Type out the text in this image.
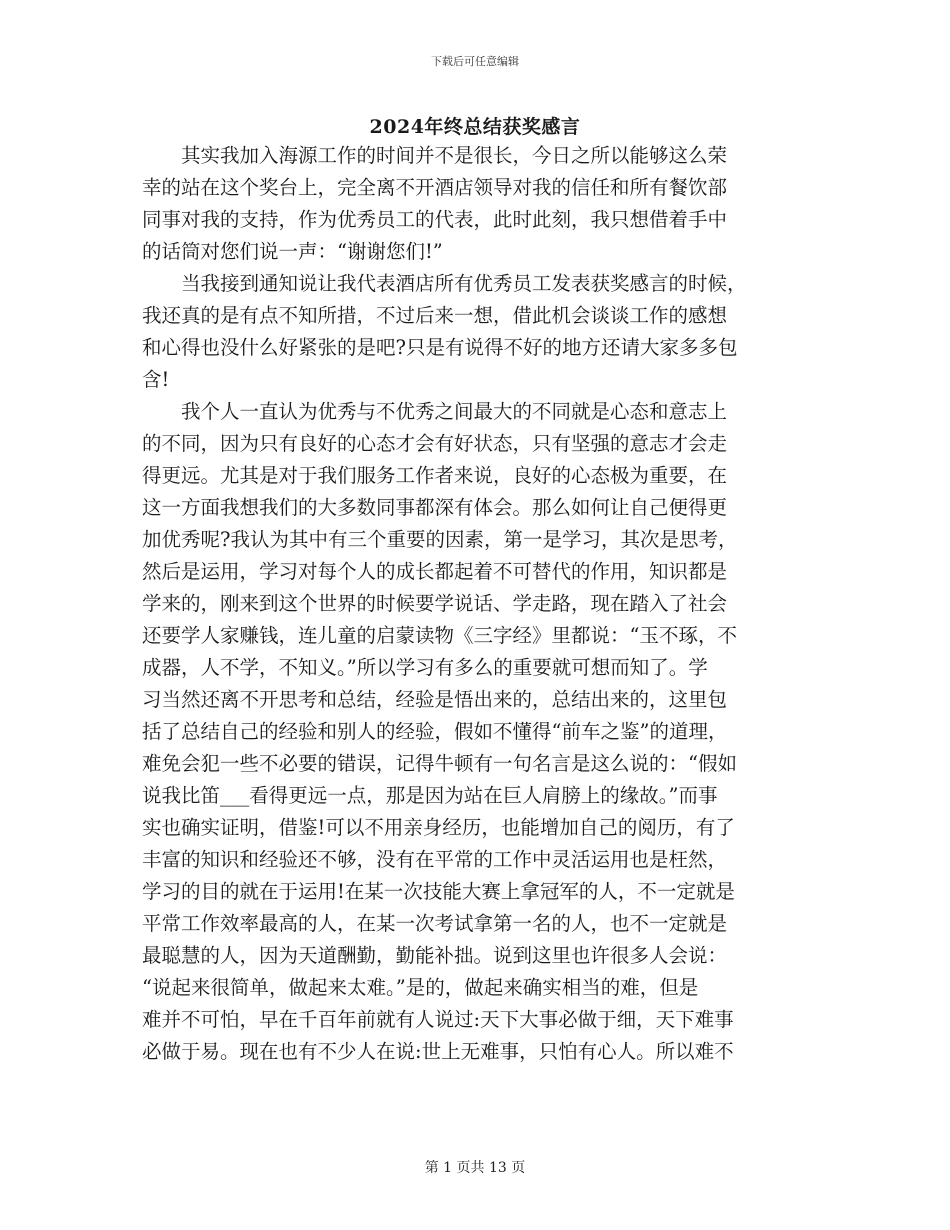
下载后可任意编辑
2024年终总结获奖感言
　　其实我加入海源工作的时间并不是很长，今日之所以能够这么荣
幸的站在这个奖台上，完全离不开酒店领导对我的信任和所有餐饮部
同事对我的支持，作为优秀员工的代表，此时此刻，我只想借着手中
的话筒对您们说一声：“谢谢您们!”
　　当我接到通知说让我代表酒店所有优秀员工发表获奖感言的时候，
我还真的是有点不知所措，不过后来一想，借此机会谈谈工作的感想
和心得也没什么好紧张的是吧?只是有说得不好的地方还请大家多多包
含!
　　我个人一直认为优秀与不优秀之间最大的不同就是心态和意志上
的不同，因为只有良好的心态才会有好状态，只有坚强的意志才会走
得更远。尤其是对于我们服务工作者来说，良好的心态极为重要，在
这一方面我想我们的大多数同事都深有体会。那么如何让自己便得更
加优秀呢?我认为其中有三个重要的因素，第一是学习，其次是思考，
然后是运用，学习对每个人的成长都起着不可替代的作用，知识都是
学来的，刚来到这个世界的时候要学说话、学走路，现在踏入了社会
还要学人家赚钱，连儿童的启蒙读物《三字经》里都说：“玉不琢，不
成器，人不学，不知义。”所以学习有多么的重要就可想而知了。学
习当然还离不开思考和总结，经验是悟出来的，总结出来的，这里包
括了总结自己的经验和别人的经验，假如不懂得“前车之鉴”的道理，
难免会犯一些不必要的错误，记得牛顿有一句名言是这么说的：“假如
说我比笛___看得更远一点，那是因为站在巨人肩膀上的缘故。”而事
实也确实证明，借鉴!可以不用亲身经历，也能增加自己的阅历，有了
丰富的知识和经验还不够，没有在平常的工作中灵活运用也是枉然，
学习的目的就在于运用!在某一次技能大赛上拿冠军的人，不一定就是
平常工作效率最高的人，在某一次考试拿第一名的人，也不一定就是
最聪慧的人，因为天道酬勤，勤能补拙。说到这里也许很多人会说：
“说起来很简单，做起来太难。”是的，做起来确实相当的难，但是
难并不可怕，早在千百年前就有人说过:天下大事必做于细，天下难事
必做于易。现在也有不少人在说:世上无难事，只怕有心人。所以难不
第 1 页共 13 页
